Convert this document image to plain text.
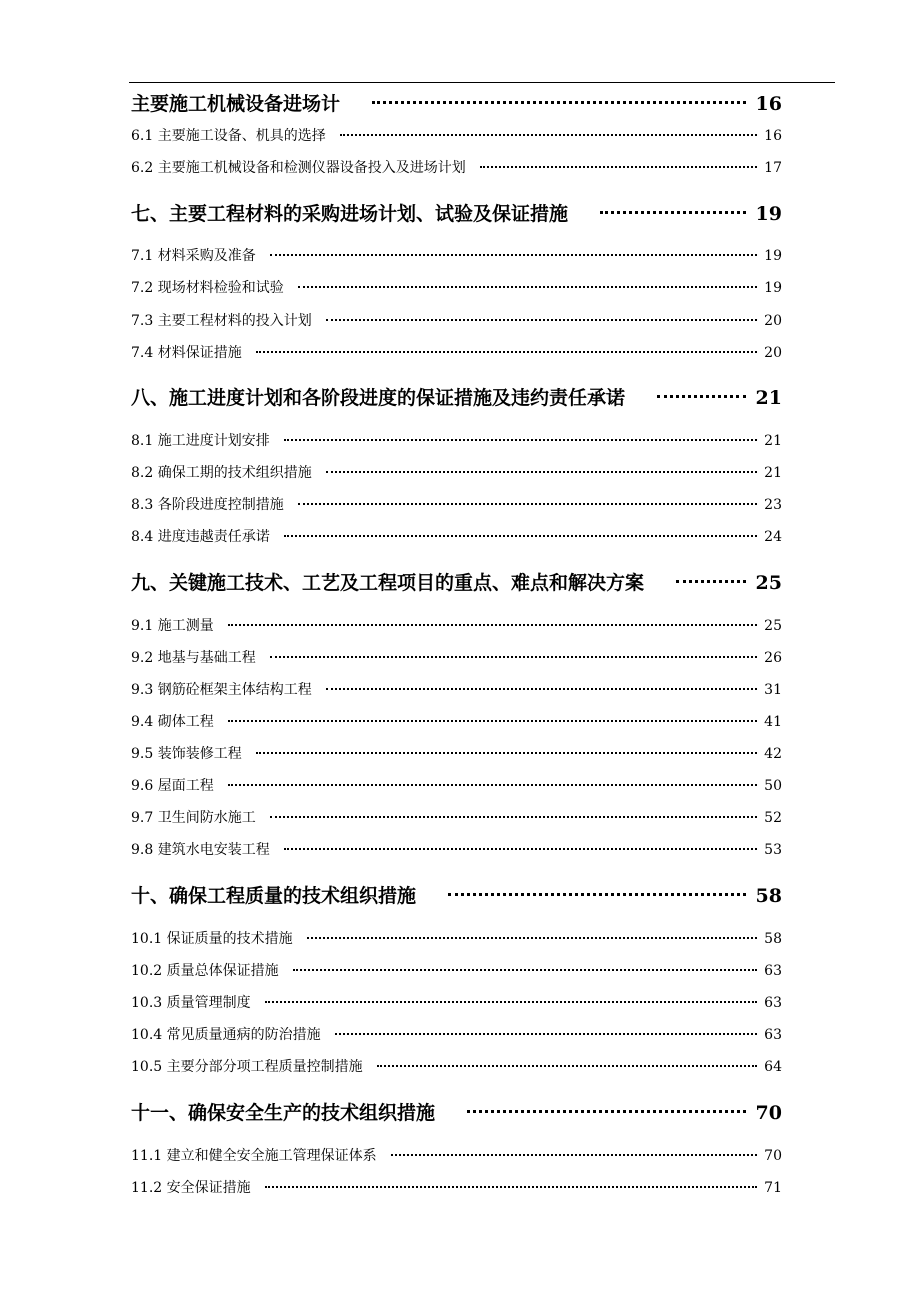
主要施工机械设备进场计	16
6.1 主要施工设备、机具的选择	16
6.2 主要施工机械设备和检测仪器设备投入及进场计划	17
七、主要工程材料的采购进场计划、试验及保证措施	19
7.1 材料采购及准备	19
7.2 现场材料检验和试验	19
7.3 主要工程材料的投入计划	20
7.4 材料保证措施	20
八、施工进度计划和各阶段进度的保证措施及违约责任承诺	21
8.1 施工进度计划安排	21
8.2 确保工期的技术组织措施	21
8.3 各阶段进度控制措施	23
8.4 进度违越责任承诺	24
九、关键施工技术、工艺及工程项目的重点、难点和解决方案	25
9.1 施工测量	25
9.2 地基与基础工程	26
9.3 钢筋砼框架主体结构工程	31
9.4 砌体工程	41
9.5 装饰装修工程	42
9.6 屋面工程	50
9.7 卫生间防水施工	52
9.8 建筑水电安装工程	53
十、确保工程质量的技术组织措施	58
10.1 保证质量的技术措施	58
10.2 质量总体保证措施	63
10.3 质量管理制度	63
10.4 常见质量通病的防治措施	63
10.5 主要分部分项工程质量控制措施	64
十一、确保安全生产的技术组织措施	70
11.1 建立和健全安全施工管理保证体系	70
11.2 安全保证措施	71
